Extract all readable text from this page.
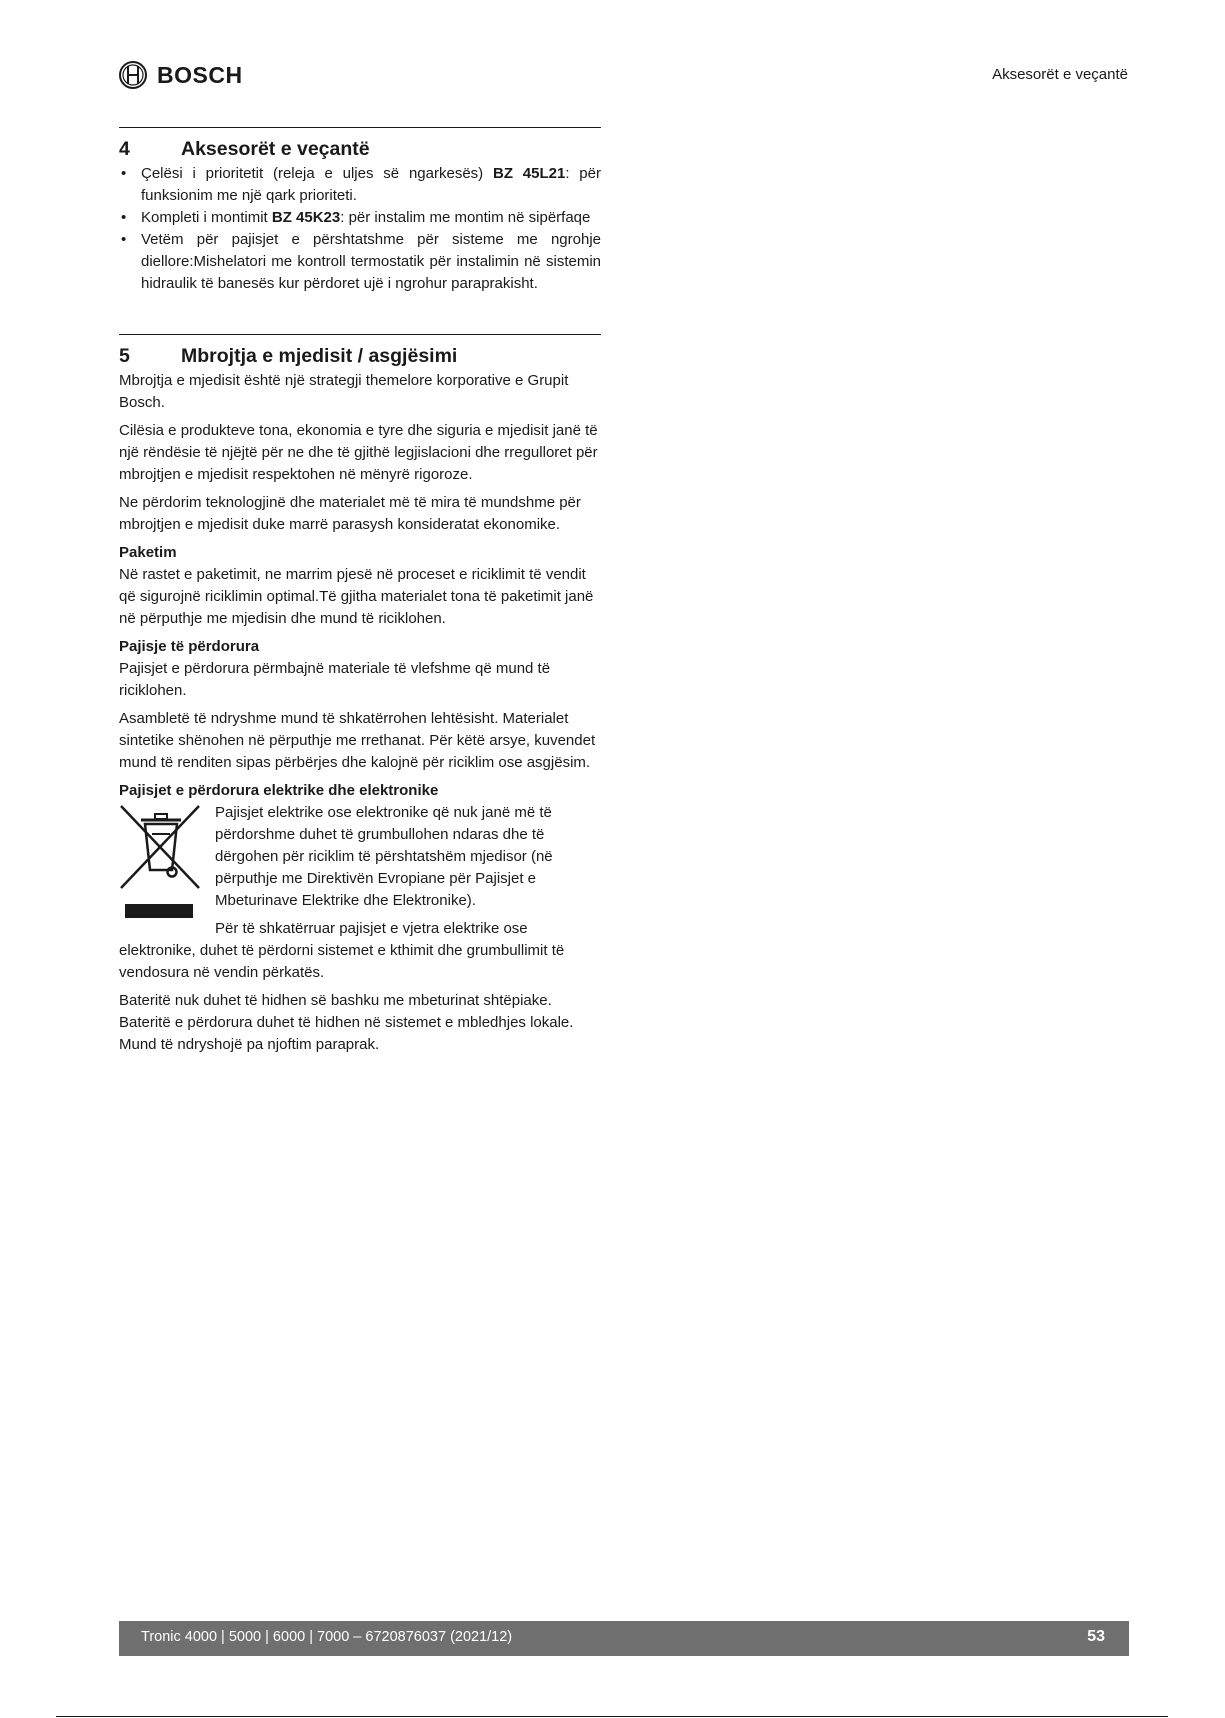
BOSCH	Aksesorët e veçantë
4	Aksesorët e veçantë
• Çelësi i prioritetit (releja e uljes së ngarkesës) BZ 45L21: për funksionim me një qark prioriteti.
• Kompleti i montimit BZ 45K23: për instalim me montim në sipërfaqe
• Vetëm për pajisjet e përshtatshme për sisteme me ngrohje diellore:Mishelatori me kontroll termostatik për instalimin në sistemin hidraulik të banesës kur përdoret ujë i ngrohur paraprakisht.
5	Mbrojtja e mjedisit / asgjësimi

Mbrojtja e mjedisit është një strategji themelore korporative e Grupit Bosch.

Cilësia e produkteve tona, ekonomia e tyre dhe siguria e mjedisit janë të një rëndësie të njëjtë për ne dhe të gjithë legjislacioni dhe rregulloret për mbrojtjen e mjedisit respektohen në mënyrë rigoroze.

Ne përdorim teknologjinë dhe materialet më të mira të mundshme për mbrojtjen e mjedisit duke marrë parasysh konsideratat ekonomike.

Paketim

Në rastet e paketimit, ne marrim pjesë në proceset e riciklimit të vendit që sigurojnë riciklimin optimal.Të gjitha materialet tona të paketimit janë në përputhje me mjedisin dhe mund të riciklohen.

Pajisje të përdorura

Pajisjet e përdorura përmbajnë materiale të vlefshme që mund të riciklohen.

Asambletë të ndryshme mund të shkatërrohen lehtësisht. Materialet sintetike shënohen në përputhje me rrethanat. Për këtë arsye, kuvendet mund të renditen sipas përbërjes dhe kalojnë për riciklim ose asgjësim.

Pajisjet e përdorura elektrike dhe elektronike

Pajisjet elektrike ose elektronike që nuk janë më të përdorshme duhet të grumbullohen ndaras dhe të dërgohen për riciklim të përshtatshëm mjedisor (në përputhje me Direktivën Evropiane për Pajisjet e Mbeturinave Elektrike dhe Elektronike).

Për të shkatërruar pajisjet e vjetra elektrike ose

elektronike, duhet të përdorni sistemet e kthimit dhe grumbullimit të vendosura në vendin përkatës.

Bateritë nuk duhet të hidhen së bashku me mbeturinat shtëpiake. Bateritë e përdorura duhet të hidhen në sistemet e mbledhjes lokale. Mund të ndryshojë pa njoftim paraprak.

Tronic 4000 | 5000 | 6000 | 7000 – 6720876037 (2021/12)	53
